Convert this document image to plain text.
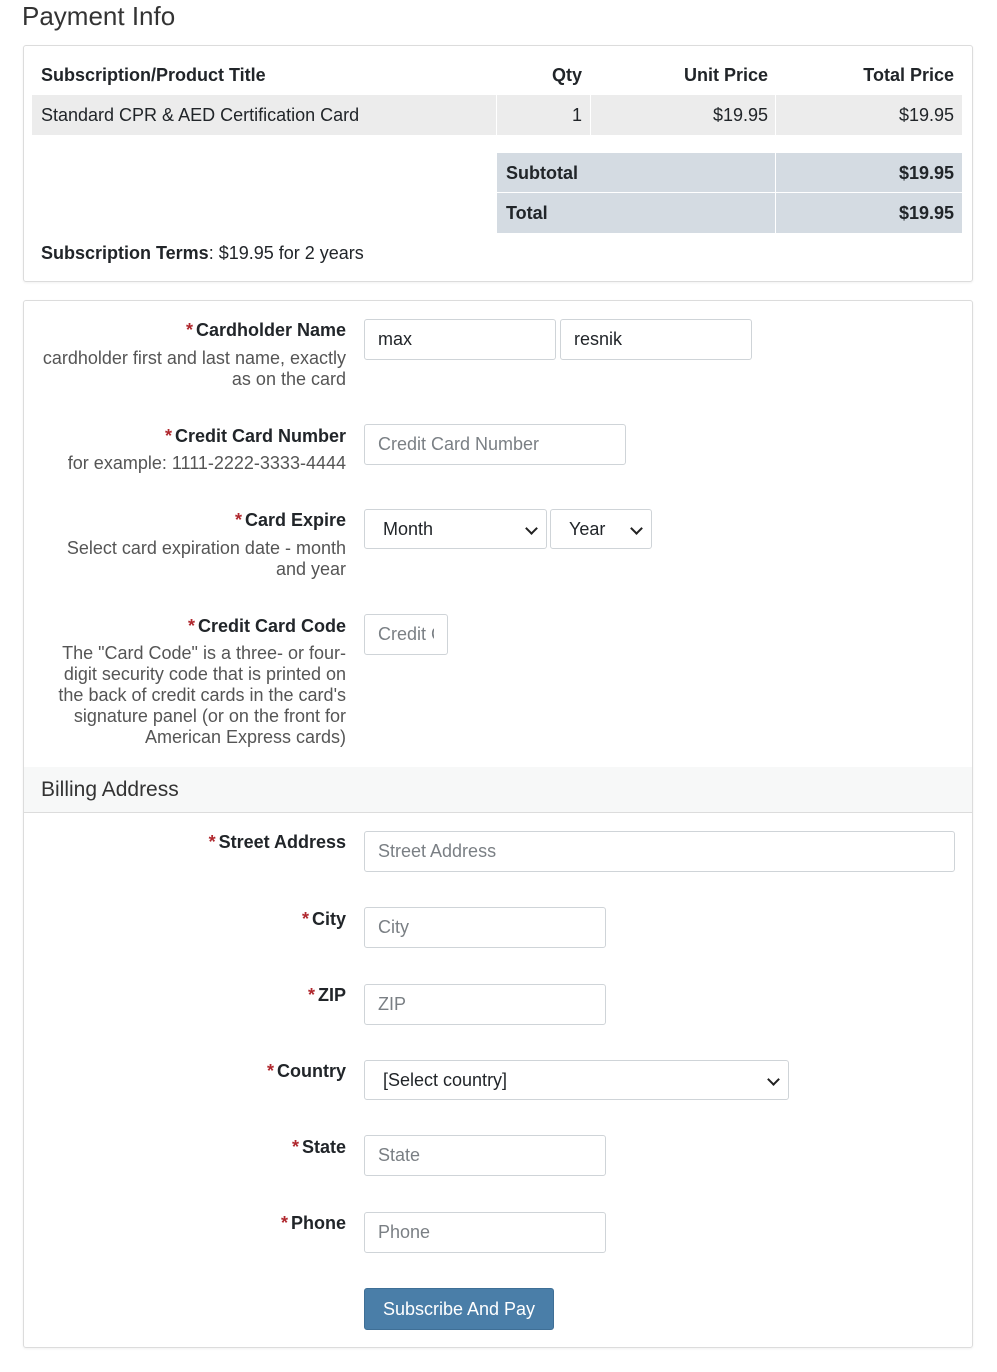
Payment Info
Subscription/Product Title	Qty	Unit Price	Total Price
Standard CPR & AED Certification Card	1	$19.95	$19.95
Subtotal	$19.95
Total	$19.95
Subscription Terms: $19.95 for 2 years
* Cardholder Name
cardholder first and last name, exactly as on the card
max
resnik
* Credit Card Number
for example: 1111-2222-3333-4444
Credit Card Number
* Card Expire
Select card expiration date - month and year
Month	Year
* Credit Card Code
The "Card Code" is a three- or four-digit security code that is printed on the back of credit cards in the card's signature panel (or on the front for American Express cards)
Credit Card Code
Billing Address
* Street Address
Street Address
* City
City
* ZIP
ZIP
* Country	[Select country]
* State
State
* Phone
Phone
Subscribe And Pay
